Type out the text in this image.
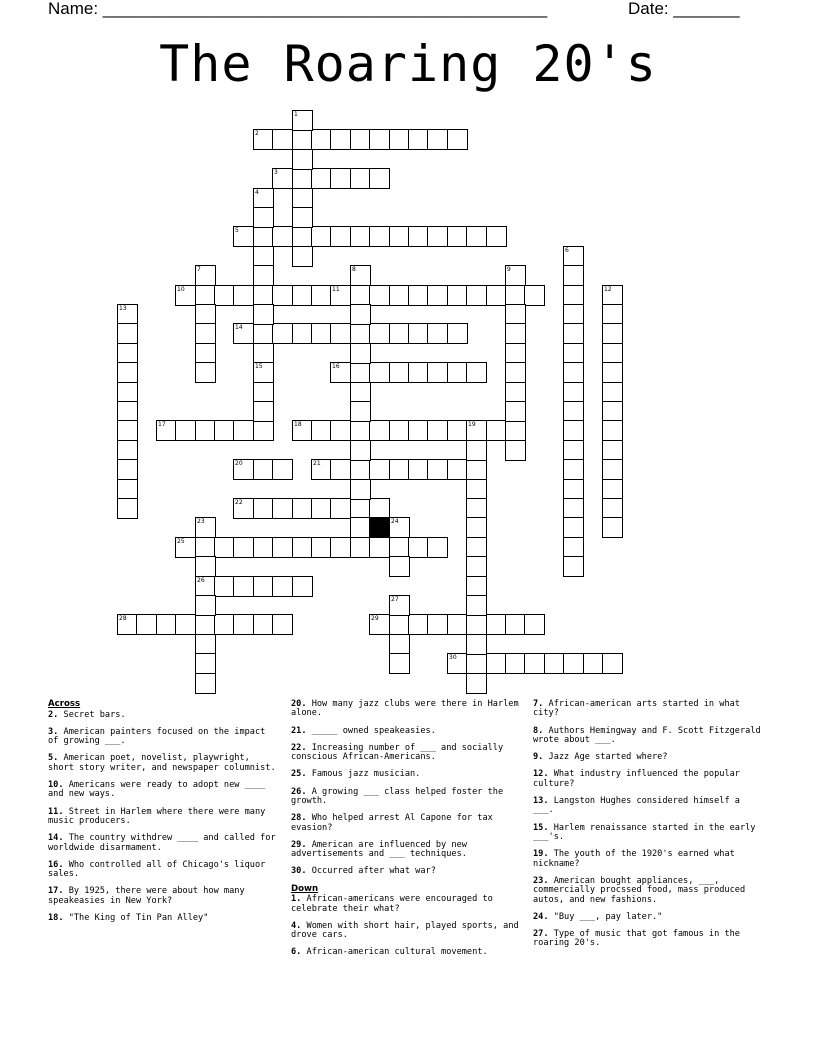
Name: _______________________________________________	Date: _______
The Roaring 20's
2
3
5
10	11
14
16
17	18	19
20	21
22
25
26
28	29
30
1
4
15
6
7	8	9
12
13
23	24
27
Across
2. Secret bars.
3. American painters focused on the impact of growing ___.
5. American poet, novelist, playwright, short story writer, and newspaper columnist.
10. Americans were ready to adopt new ____ and new ways.
11. Street in Harlem where there were many music producers.
14. The country withdrew ____ and called for worldwide disarmament.
16. Who controlled all of Chicago's liquor sales.
17. By 1925, there were about how many speakeasies in New York?
18. "The King of Tin Pan Alley"
20. How many jazz clubs were there in Harlem alone.
21. _____ owned speakeasies.
22. Increasing number of ___ and socially conscious African-Americans.
25. Famous jazz musician.
26. A growing ___ class helped foster the growth.
28. Who helped arrest Al Capone for tax evasion?
29. American are influenced by new advertisements and ___ techniques.
30. Occurred after what war?
Down
1. African-americans were encouraged to celebrate their what?
4. Women with short hair, played sports, and drove cars.
6. African-american cultural movement.
7. African-american arts started in what city?
8. Authors Hemingway and F. Scott Fitzgerald wrote about ___.
9. Jazz Age started where?
12. What industry influenced the popular culture?
13. Langston Hughes considered himself a ___.
15. Harlem renaissance started in the early ___'s.
19. The youth of the 1920's earned what nickname?
23. American bought appliances, ___, commercially procssed food, mass produced autos, and new fashions.
24. "Buy ___, pay later."
27. Type of music that got famous in the roaring 20's.
